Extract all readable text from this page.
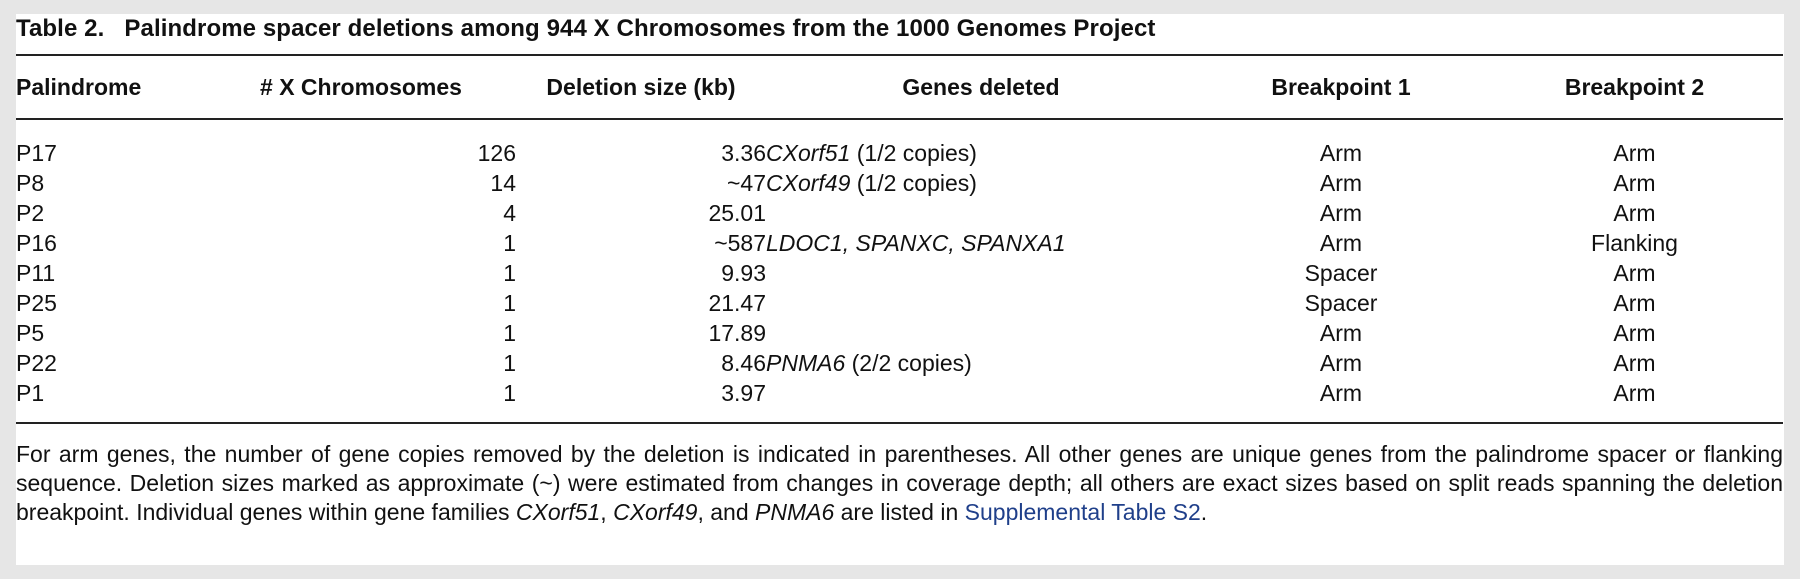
Table 2. Palindrome spacer deletions among 944 X Chromosomes from the 1000 Genomes Project
Palindrome	# X Chromosomes	Deletion size (kb)	Genes deleted	Breakpoint 1	Breakpoint 2

P17	126	3.36	CXorf51 (1/2 copies)	Arm	Arm
P8	14	~47	CXorf49 (1/2 copies)	Arm	Arm
P2	4	25.01		Arm	Arm
P16	1	~587	LDOC1, SPANXC, SPANXA1	Arm	Flanking
P11	1	9.93		Spacer	Arm
P25	1	21.47		Spacer	Arm
P5	1	17.89		Arm	Arm
P22	1	8.46	PNMA6 (2/2 copies)	Arm	Arm
P1	1	3.97		Arm	Arm
For arm genes, the number of gene copies removed by the deletion is indicated in parentheses. All other genes are unique genes from the palindrome spacer or flanking sequence. Deletion sizes marked as approximate (~) were estimated from changes in coverage depth; all others are exact sizes based on split reads spanning the deletion breakpoint. Individual genes within gene families CXorf51, CXorf49, and PNMA6 are listed in Supplemental Table S2.
